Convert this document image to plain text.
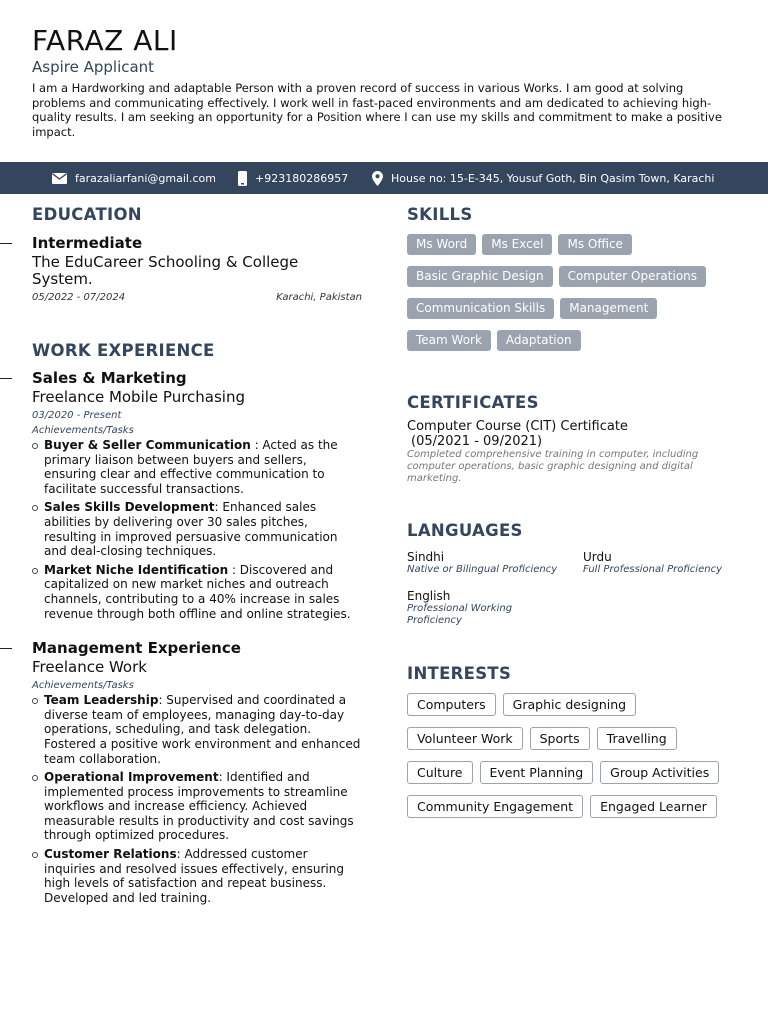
FARAZ ALI
Aspire Applicant
I am a Hardworking and adaptable Person with a proven record of success in various Works. I am good at solving problems and communicating effectively. I work well in fast-paced environments and am dedicated to achieving high-quality results. I am seeking an opportunity for a Position where I can use my skills and commitment to make a positive impact.
farazaliarfani@gmail.com	+923180286957	House no: 15-E-345, Yousuf Goth, Bin Qasim Town, Karachi
EDUCATION
Intermediate
The EduCareer Schooling & College System.
05/2022 - 07/2024	Karachi, Pakistan
WORK EXPERIENCE
Sales & Marketing
Freelance Mobile Purchasing
03/2020 - Present
Achievements/Tasks
Buyer & Seller Communication : Acted as the primary liaison between buyers and sellers, ensuring clear and effective communication to facilitate successful transactions.
Sales Skills Development: Enhanced sales abilities by delivering over 30 sales pitches, resulting in improved persuasive communication and deal-closing techniques.
Market Niche Identification : Discovered and capitalized on new market niches and outreach channels, contributing to a 40% increase in sales revenue through both offline and online strategies.
Management Experience
Freelance Work
Achievements/Tasks
Team Leadership: Supervised and coordinated a diverse team of employees, managing day-to-day operations, scheduling, and task delegation. Fostered a positive work environment and enhanced team collaboration.
Operational Improvement: Identified and implemented process improvements to streamline workflows and increase efficiency. Achieved measurable results in productivity and cost savings through optimized procedures.
Customer Relations: Addressed customer inquiries and resolved issues effectively, ensuring high levels of satisfaction and repeat business. Developed and led training.
SKILLS
Ms Word	Ms Excel	Ms Office
Basic Graphic Design	Computer Operations
Communication Skills	Management
Team Work	Adaptation
CERTIFICATES
Computer Course (CIT) Certificate
(05/2021 - 09/2021)
Completed comprehensive training in computer, including computer operations, basic graphic designing and digital marketing.
LANGUAGES
Sindhi
Native or Bilingual Proficiency
Urdu
Full Professional Proficiency
English
Professional Working Proficiency
INTERESTS
Computers	Graphic designing
Volunteer Work	Sports	Travelling
Culture	Event Planning	Group Activities
Community Engagement	Engaged Learner
